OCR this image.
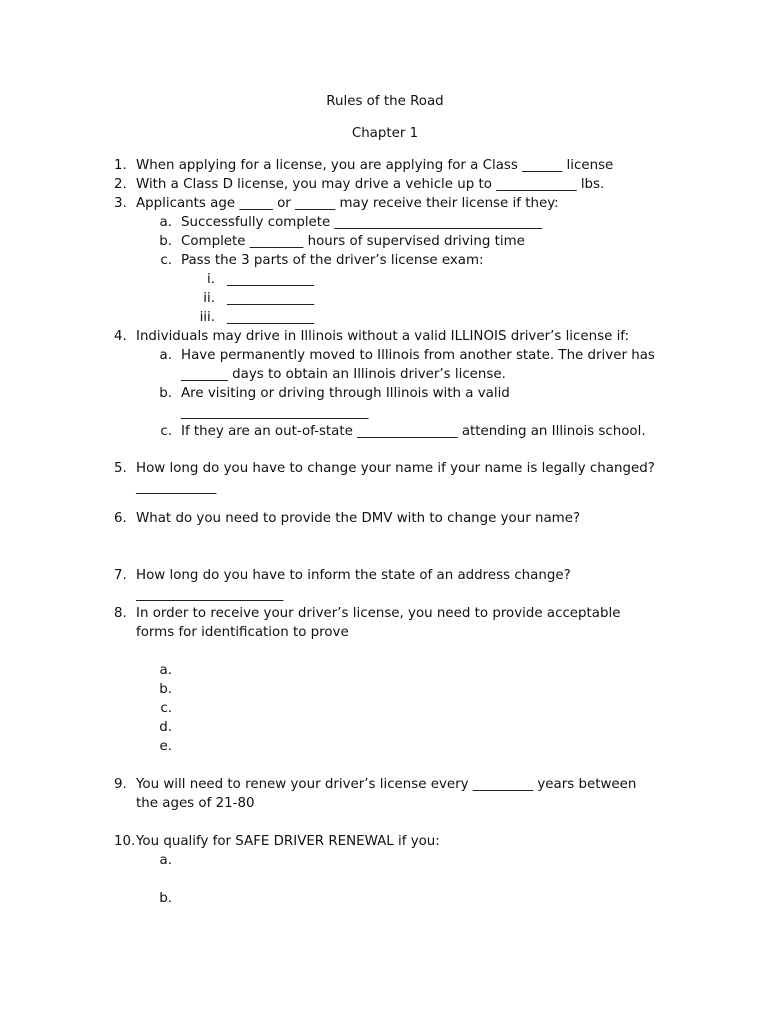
Rules of the Road
Chapter 1
1. When applying for a license, you are applying for a Class ______ license
2. With a Class D license, you may drive a vehicle up to ____________ lbs.
3. Applicants age _____ or ______ may receive their license if they:
a. Successfully complete _______________________________
b. Complete ________ hours of supervised driving time
c. Pass the 3 parts of the driver’s license exam:
i. _____________
ii. _____________
iii. _____________
4. Individuals may drive in Illinois without a valid ILLINOIS driver’s license if:
a. Have permanently moved to Illinois from another state. The driver has
_______ days to obtain an Illinois driver’s license.
b. Are visiting or driving through Illinois with a valid
____________________________
c. If they are an out-of-state _______________ attending an Illinois school.
5. How long do you have to change your name if your name is legally changed?
____________
6. What do you need to provide the DMV with to change your name?
7. How long do you have to inform the state of an address change?
______________________
8. In order to receive your driver’s license, you need to provide acceptable
forms for identification to prove
a.
b.
c.
d.
e.
9. You will need to renew your driver’s license every _________ years between
the ages of 21-80
10. You qualify for SAFE DRIVER RENEWAL if you:
a.
b.
